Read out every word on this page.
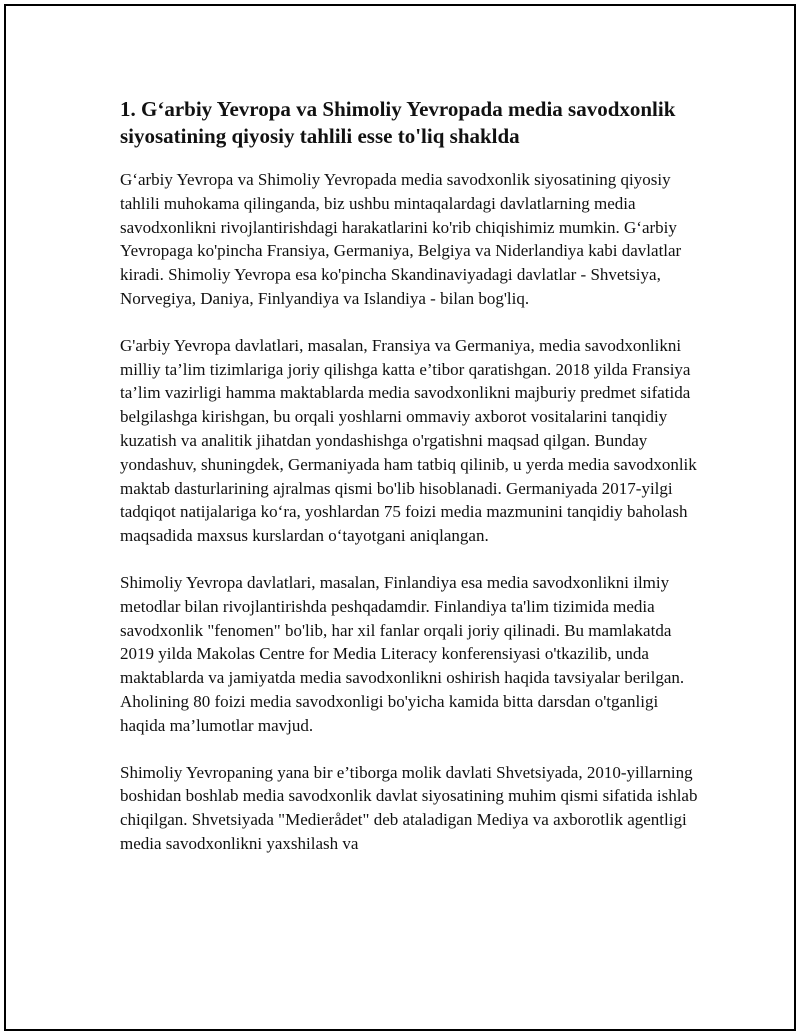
1. G‘arbiy Yevropa va Shimoliy Yevropada media savodxonlik siyosatining qiyosiy tahlili esse to'liq shaklda

G‘arbiy Yevropa va Shimoliy Yevropada media savodxonlik siyosatining qiyosiy tahlili muhokama qilinganda, biz ushbu mintaqalardagi davlatlarning media savodxonlikni rivojlantirishdagi harakatlarini ko'rib chiqishimiz mumkin. G‘arbiy Yevropaga ko'pincha Fransiya, Germaniya, Belgiya va Niderlandiya kabi davlatlar kiradi. Shimoliy Yevropa esa ko'pincha Skandinaviyadagi davlatlar - Shvetsiya, Norvegiya, Daniya, Finlyandiya va Islandiya - bilan bog'liq.

G'arbiy Yevropa davlatlari, masalan, Fransiya va Germaniya, media savodxonlikni milliy ta’lim tizimlariga joriy qilishga katta e’tibor qaratishgan. 2018 yilda Fransiya ta’lim vazirligi hamma maktablarda media savodxonlikni majburiy predmet sifatida belgilashga kirishgan, bu orqali yoshlarni ommaviy axborot vositalarini tanqidiy kuzatish va analitik jihatdan yondashishga o'rgatishni maqsad qilgan. Bunday yondashuv, shuningdek, Germaniyada ham tatbiq qilinib, u yerda media savodxonlik maktab dasturlarining ajralmas qismi bo'lib hisoblanadi. Germaniyada 2017-yilgi tadqiqot natijalariga ko‘ra, yoshlardan 75 foizi media mazmunini tanqidiy baholash maqsadida maxsus kurslardan o‘tayotgani aniqlangan.

Shimoliy Yevropa davlatlari, masalan, Finlandiya esa media savodxonlikni ilmiy metodlar bilan rivojlantirishda peshqadamdir. Finlandiya ta'lim tizimida media savodxonlik "fenomen" bo'lib, har xil fanlar orqali joriy qilinadi. Bu mamlakatda 2019 yilda Makolas Centre for Media Literacy konferensiyasi o'tkazilib, unda maktablarda va jamiyatda media savodxonlikni oshirish haqida tavsiyalar berilgan. Aholining 80 foizi media savodxonligi bo'yicha kamida bitta darsdan o'tganligi haqida ma’lumotlar mavjud.

Shimoliy Yevropaning yana bir e’tiborga molik davlati Shvetsiyada, 2010-yillarning boshidan boshlab media savodxonlik davlat siyosatining muhim qismi sifatida ishlab chiqilgan. Shvetsiyada "Medierådet" deb ataladigan Mediya va axborotlik agentligi media savodxonlikni yaxshilash va
